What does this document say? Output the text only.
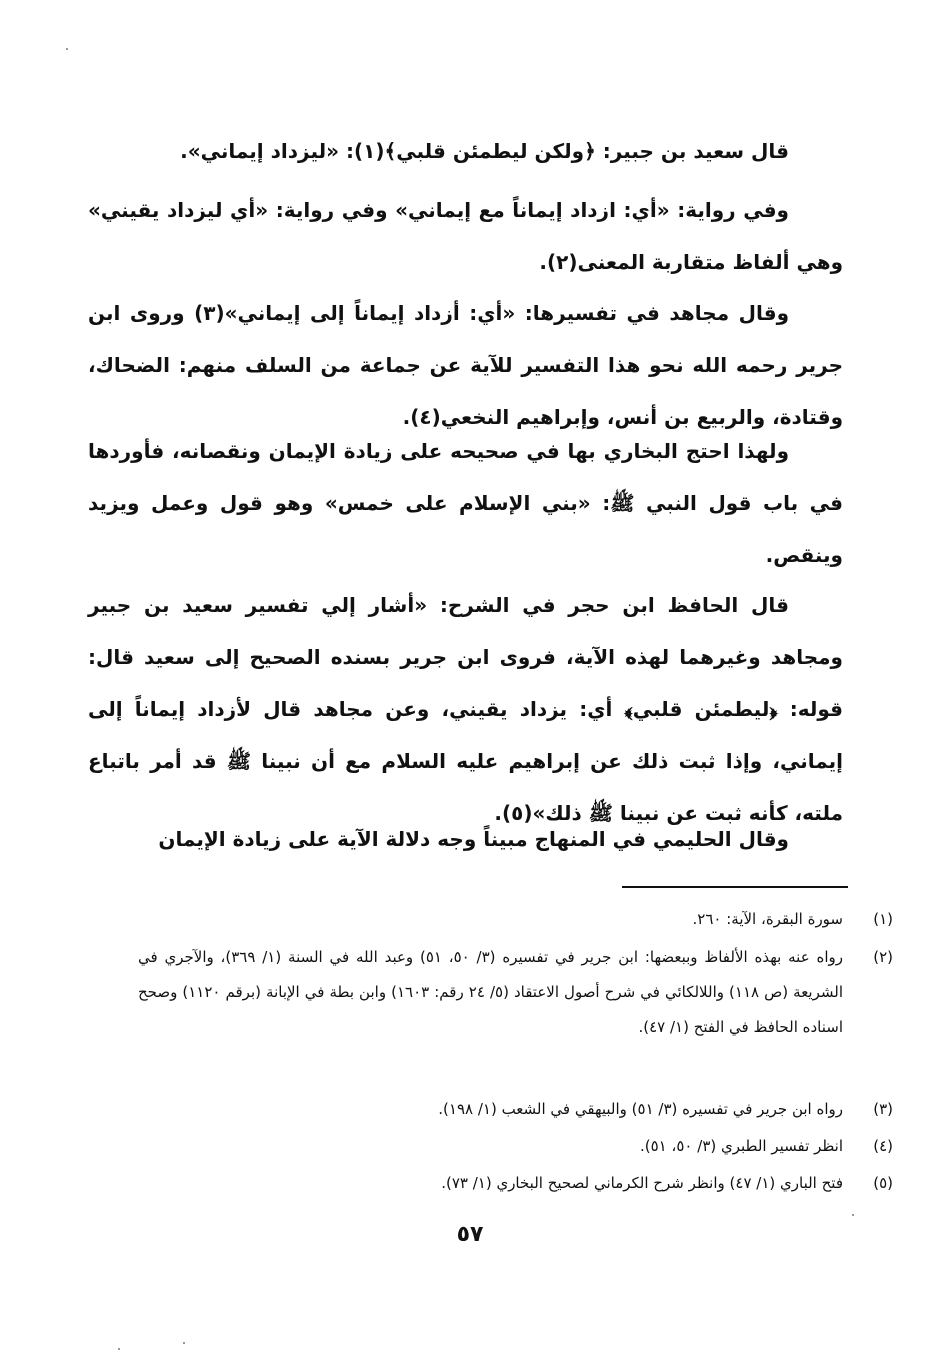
قال سعيد بن جبير: ﴿ولكن ليطمئن قلبي﴾(١): «ليزداد إيماني».

وفي رواية: «أي: ازداد إيماناً مع إيماني» وفي رواية: «أي ليزداد يقيني» وهي ألفاظ متقاربة المعنى(٢).

وقال مجاهد في تفسيرها: «أي: أزداد إيماناً إلى إيماني»(٣) وروى ابن جرير رحمه الله نحو هذا التفسير للآية عن جماعة من السلف منهم: الضحاك، وقتادة، والربيع بن أنس، وإبراهيم النخعي(٤).

ولهذا احتج البخاري بها في صحيحه على زيادة الإيمان ونقصانه، فأوردها في باب قول النبي ﷺ: «بني الإسلام على خمس» وهو قول وعمل ويزيد وينقص.

قال الحافظ ابن حجر في الشرح: «أشار إلي تفسير سعيد بن جبير ومجاهد وغيرهما لهذه الآية، فروى ابن جرير بسنده الصحيح إلى سعيد قال: قوله: ﴿ليطمئن قلبي﴾ أي: يزداد يقيني، وعن مجاهد قال لأزداد إيماناً إلى إيماني، وإذا ثبت ذلك عن إبراهيم عليه السلام مع أن نبينا ﷺ قد أمر باتباع ملته، كأنه ثبت عن نبينا ﷺ ذلك»(٥).

وقال الحليمي في المنهاج مبيناً وجه دلالة الآية على زيادة الإيمان

(١)
سورة البقرة، الآية: ٢٦٠.
(٢)
رواه عنه بهذه الألفاظ وببعضها: ابن جرير في تفسيره (٣/ ٥٠، ٥١) وعبد الله في السنة (١/ ٣٦٩)، والآجري في الشريعة (ص ١١٨) واللالكائي في شرح أصول الاعتقاد (٥/ ٢٤ رقم: ١٦٠٣) وابن بطة في الإبانة (برقم ١١٢٠) وصحح اسناده الحافظ في الفتح (١/ ٤٧).
(٣)
رواه ابن جرير في تفسيره (٣/ ٥١) والبيهقي في الشعب (١/ ١٩٨).
(٤)
انظر تفسير الطبري (٣/ ٥٠، ٥١).
(٥)
فتح الباري (١/ ٤٧) وانظر شرح الكرماني لصحيح البخاري (١/ ٧٣).
٥٧
